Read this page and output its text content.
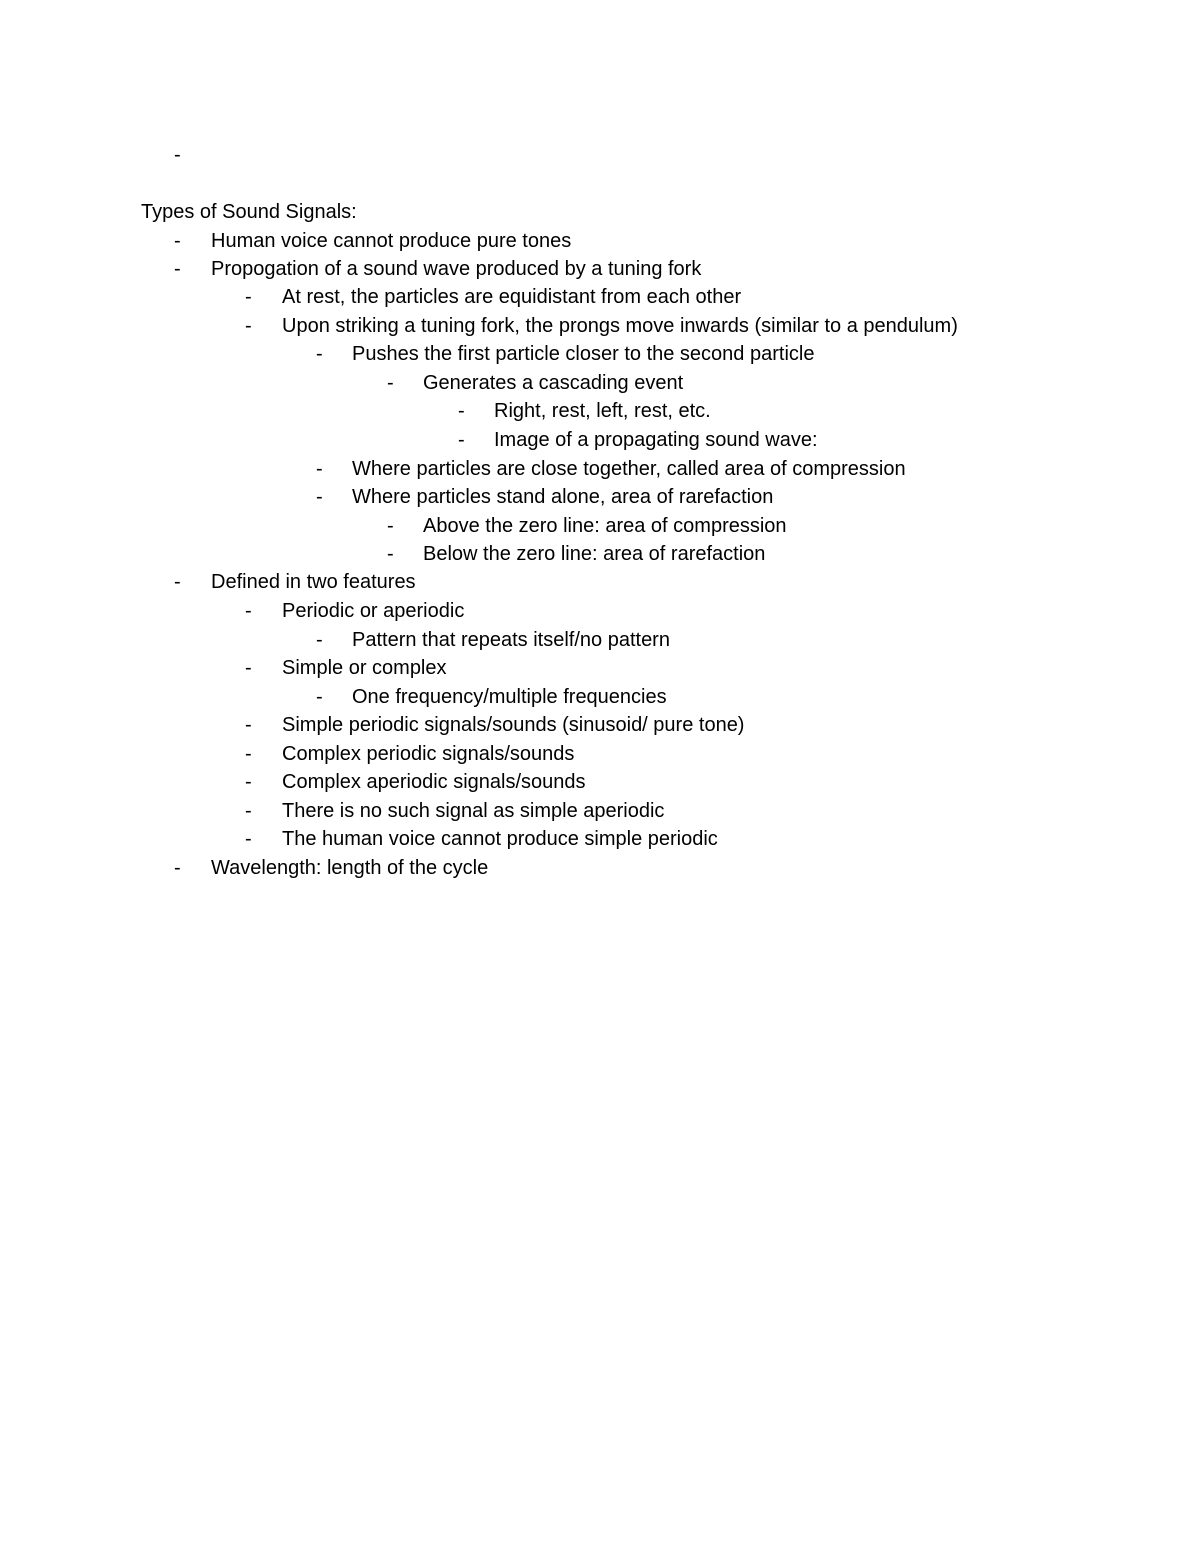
-
Types of Sound Signals:
- Human voice cannot produce pure tones
- Propogation of a sound wave produced by a tuning fork
- At rest, the particles are equidistant from each other
- Upon striking a tuning fork, the prongs move inwards (similar to a pendulum)
- Pushes the first particle closer to the second particle
- Generates a cascading event
- Right, rest, left, rest, etc.
- Image of a propagating sound wave:
- Where particles are close together, called area of compression
- Where particles stand alone, area of rarefaction
- Above the zero line: area of compression
- Below the zero line: area of rarefaction
- Defined in two features
- Periodic or aperiodic
- Pattern that repeats itself/no pattern
- Simple or complex
- One frequency/multiple frequencies
- Simple periodic signals/sounds (sinusoid/ pure tone)
- Complex periodic signals/sounds
- Complex aperiodic signals/sounds
- There is no such signal as simple aperiodic
- The human voice cannot produce simple periodic
- Wavelength: length of the cycle
